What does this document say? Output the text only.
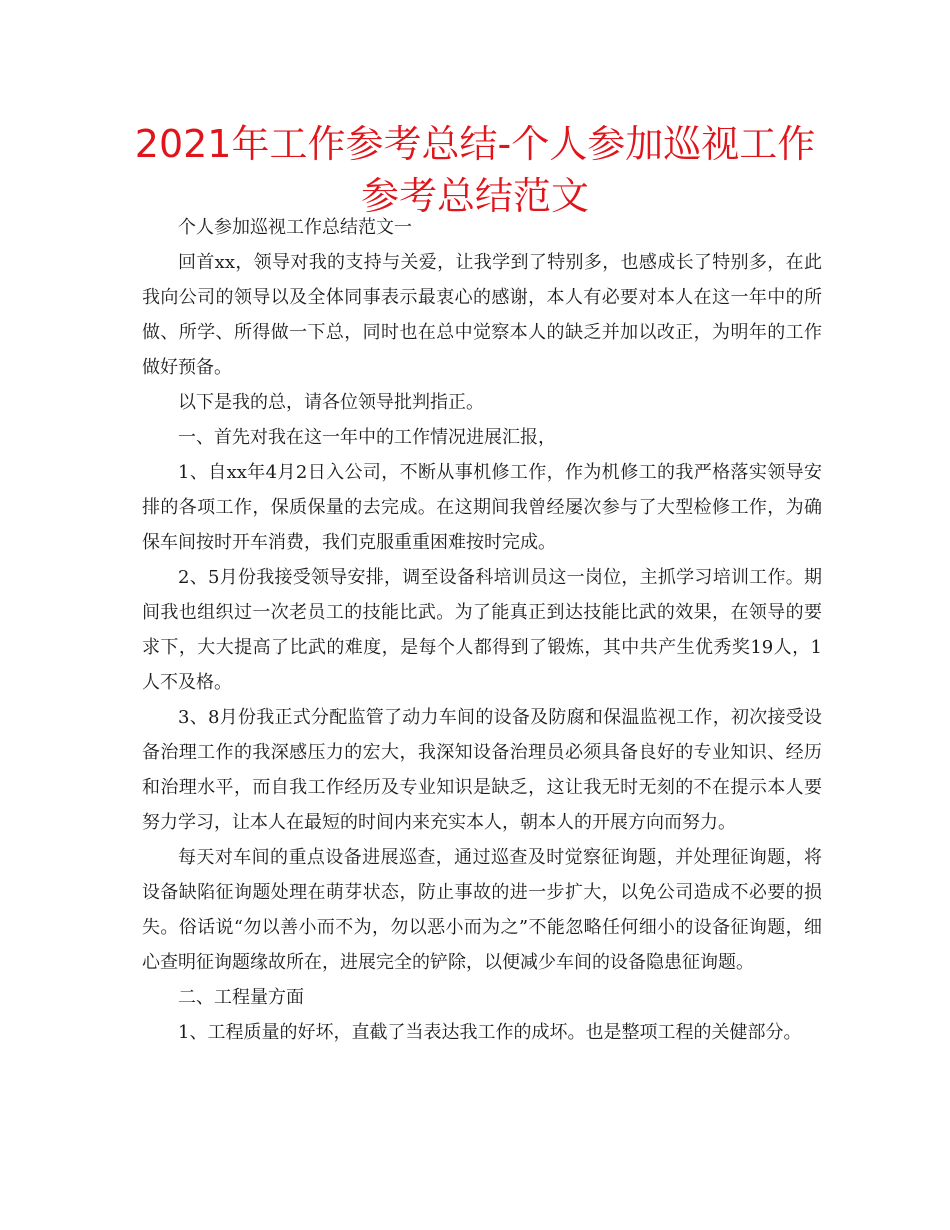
2021年工作参考总结-个人参加巡视工作参考总结范文

个人参加巡视工作总结范文一

回首xx，领导对我的支持与关爱，让我学到了特别多，也感成长了特别多，在此我向公司的领导以及全体同事表示最衷心的感谢，本人有必要对本人在这一年中的所做、所学、所得做一下总，同时也在总中觉察本人的缺乏并加以改正，为明年的工作做好预备。

以下是我的总，请各位领导批判指正。

一、首先对我在这一年中的工作情况进展汇报，

1、自xx年4月2日入公司，不断从事机修工作，作为机修工的我严格落实领导安排的各项工作，保质保量的去完成。在这期间我曾经屡次参与了大型检修工作，为确保车间按时开车消费，我们克服重重困难按时完成。

2、5月份我接受领导安排，调至设备科培训员这一岗位，主抓学习培训工作。期间我也组织过一次老员工的技能比武。为了能真正到达技能比武的效果，在领导的要求下，大大提高了比武的难度，是每个人都得到了锻炼，其中共产生优秀奖19人，1人不及格。

3、8月份我正式分配监管了动力车间的设备及防腐和保温监视工作，初次接受设备治理工作的我深感压力的宏大，我深知设备治理员必须具备良好的专业知识、经历和治理水平，而自我工作经历及专业知识是缺乏，这让我无时无刻的不在提示本人要努力学习，让本人在最短的时间内来充实本人，朝本人的开展方向而努力。

每天对车间的重点设备进展巡查，通过巡查及时觉察征询题，并处理征询题，将设备缺陷征询题处理在萌芽状态，防止事故的进一步扩大，以免公司造成不必要的损失。俗话说“勿以善小而不为，勿以恶小而为之”不能忽略任何细小的设备征询题，细心查明征询题缘故所在，进展完全的铲除，以便减少车间的设备隐患征询题。

二、工程量方面

1、工程质量的好坏，直截了当表达我工作的成坏。也是整项工程的关健部分。
